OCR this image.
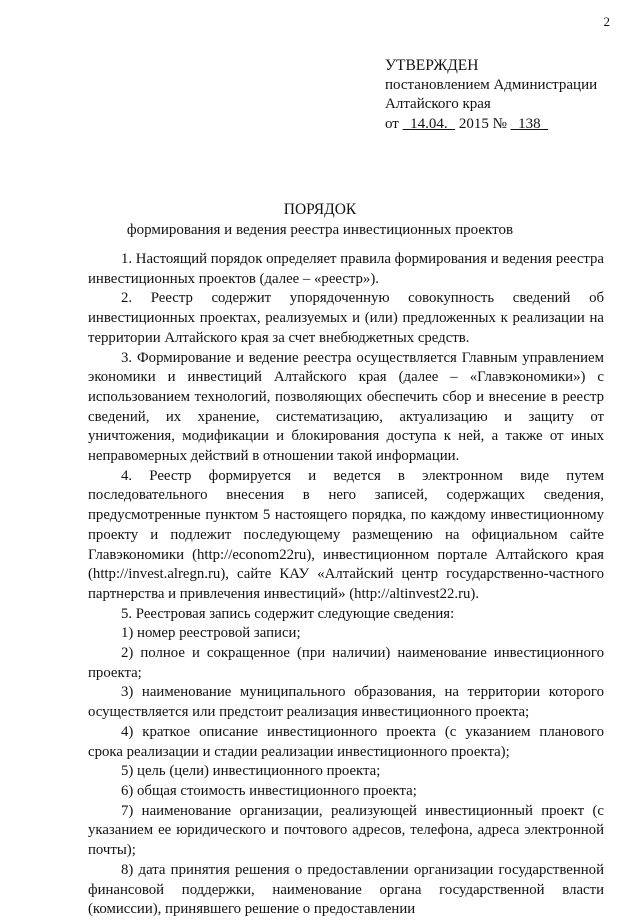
2
УТВЕРЖДЕН
постановлением Администрации
Алтайского края
от 14.04. 2015 № 138
ПОРЯДОК
формирования и ведения реестра инвестиционных проектов

1. Настоящий порядок определяет правила формирования и ведения реестра инвестиционных проектов (далее – «реестр»).

2. Реестр содержит упорядоченную совокупность сведений об инвестиционных проектах, реализуемых и (или) предложенных к реализации на территории Алтайского края за счет внебюджетных средств.

3. Формирование и ведение реестра осуществляется Главным управлением экономики и инвестиций Алтайского края (далее – «Главэкономики») с использованием технологий, позволяющих обеспечить сбор и внесение в реестр сведений, их хранение, систематизацию, актуализацию и защиту от уничтожения, модификации и блокирования доступа к ней, а также от иных неправомерных действий в отношении такой информации.

4. Реестр формируется и ведется в электронном виде путем последовательного внесения в него записей, содержащих сведения, предусмотренные пунктом 5 настоящего порядка, по каждому инвестиционному проекту и подлежит последующему размещению на официальном сайте Главэкономики (http://econom22ru), инвестиционном портале Алтайского края (http://invest.alregn.ru), сайте КАУ «Алтайский центр государственно-частного партнерства и привлечения инвестиций» (http://altinvest22.ru).

5. Реестровая запись содержит следующие сведения:

1) номер реестровой записи;

2) полное и сокращенное (при наличии) наименование инвестиционного проекта;

3) наименование муниципального образования, на территории которого осуществляется или предстоит реализация инвестиционного проекта;

4) краткое описание инвестиционного проекта (с указанием планового срока реализации и стадии реализации инвестиционного проекта);

5) цель (цели) инвестиционного проекта;

6) общая стоимость инвестиционного проекта;

7) наименование организации, реализующей инвестиционный проект (с указанием ее юридического и почтового адресов, телефона, адреса электронной почты);

8) дата принятия решения о предоставлении организации государственной финансовой поддержки, наименование органа государственной власти (комиссии), принявшего решение о предоставлении
